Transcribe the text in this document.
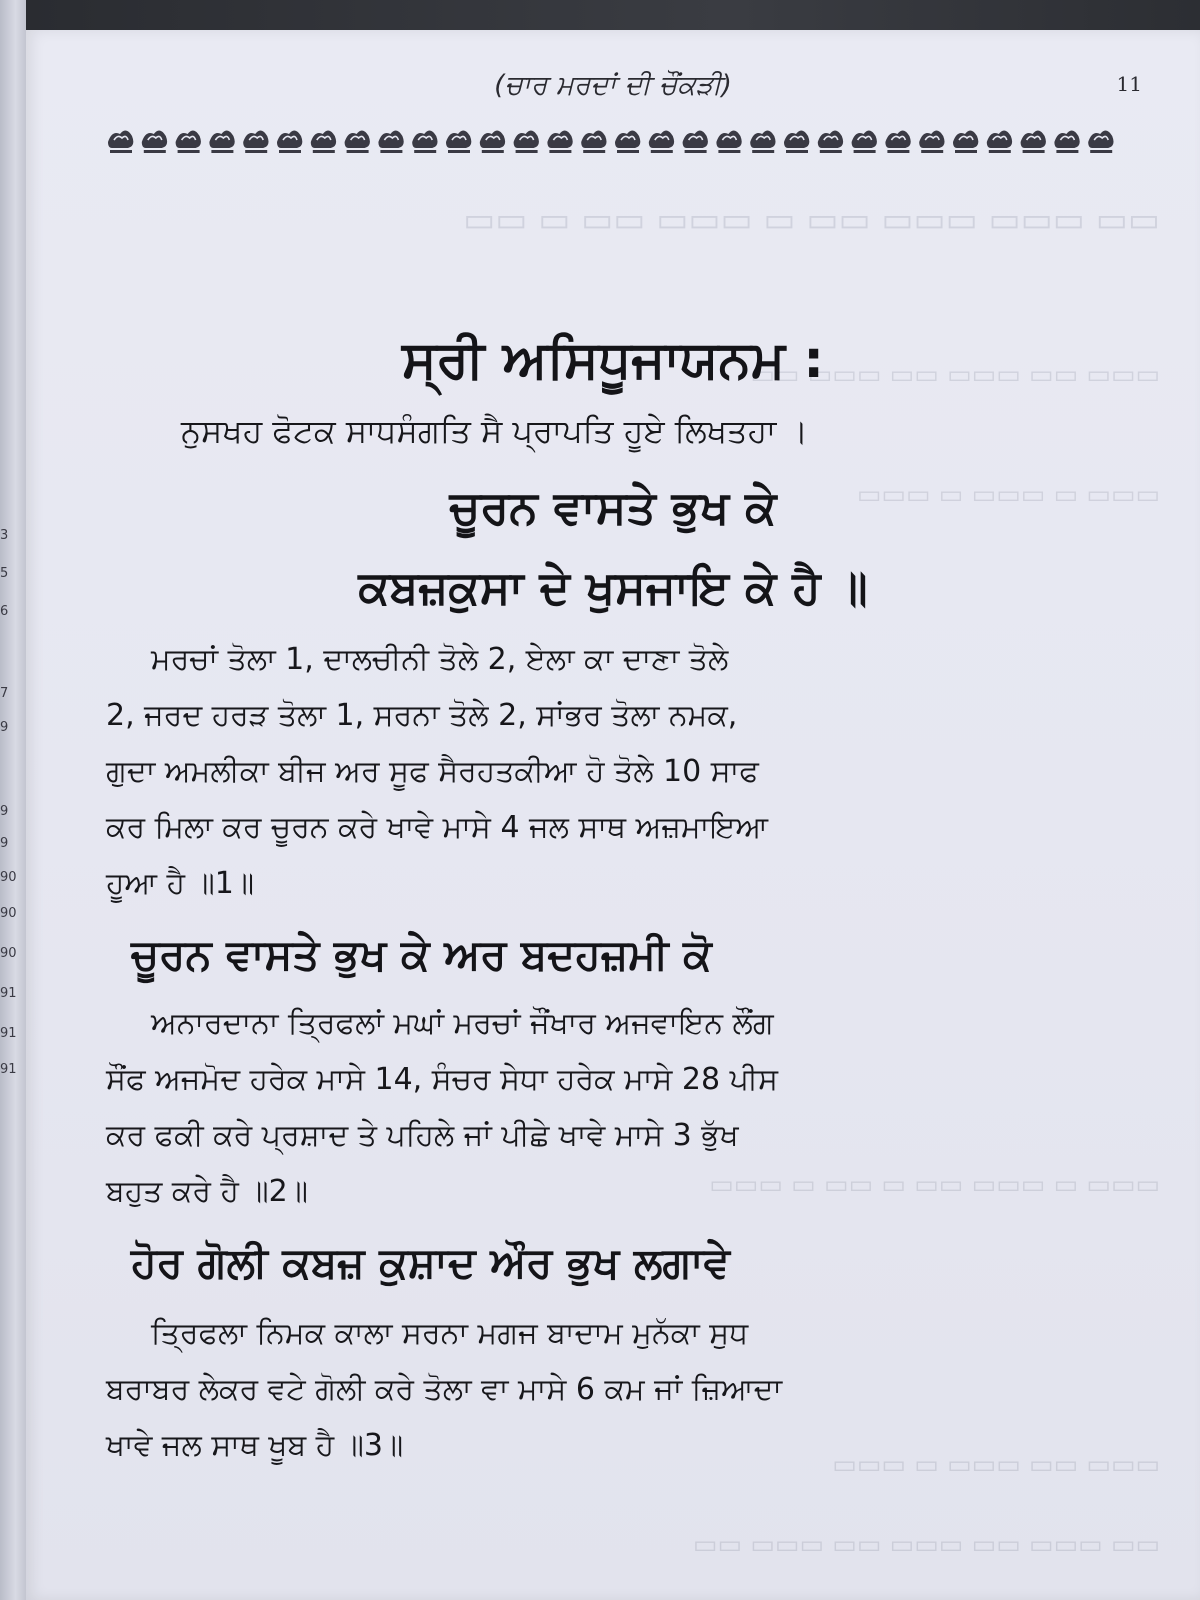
3
5
6
7
9
9
9
90
90
90
91
91
91
▭▭ ▭ ▭▭ ▭▭▭ ▭ ▭▭ ▭▭▭ ▭▭▭ ▭▭
▭▭ ▭▭▭ ▭▭ ▭▭▭ ▭▭ ▭▭▭
▭▭▭ ▭ ▭▭▭ ▭ ▭▭▭
▭▭▭ ▭ ▭▭ ▭ ▭▭ ▭▭▭ ▭ ▭▭▭
▭▭▭ ▭ ▭▭▭ ▭▭ ▭▭▭
▭▭ ▭▭▭ ▭▭ ▭▭▭ ▭▭ ▭▭▭ ▭▭
(ਚਾਰ ਮਰਦਾਂ ਦੀ ਚੌਂਕੜੀ)	11
ਸ੍ਰੀ ਅਸਿਧੂਜਾਯਨਮ :
ਨੁਸਖਹ ਫੋਟਕ ਸਾਧਸੰਗਤਿ ਸੈ ਪ੍ਰਾਪਤਿ ਹੂਏ ਲਿਖਤਹਾ ।
ਚੂਰਨ ਵਾਸਤੇ ਭੁਖ ਕੇ
ਕਬਜ਼ਕੁਸਾ ਦੇ ਖੁਸਜਾਇ ਕੇ ਹੈ ॥
ਮਰਚਾਂ ਤੋਲਾ 1, ਦਾਲਚੀਨੀ ਤੋਲੇ 2, ਏਲਾ ਕਾ ਦਾਣਾ ਤੋਲੇ
2, ਜਰਦ ਹਰੜ ਤੋਲਾ 1, ਸਰਨਾ ਤੋਲੇ 2, ਸਾਂਭਰ ਤੋਲਾ ਨਮਕ,
ਗੁਦਾ ਅਮਲੀਕਾ ਬੀਜ ਅਰ ਸੂਫ ਸੈਰਹਤਕੀਆ ਹੋ ਤੋਲੇ 10 ਸਾਫ
ਕਰ ਮਿਲਾ ਕਰ ਚੂਰਨ ਕਰੇ ਖਾਵੇ ਮਾਸੇ 4 ਜਲ ਸਾਥ ਅਜ਼ਮਾਇਆ
ਹੂਆ ਹੈ ॥1॥
ਚੂਰਨ ਵਾਸਤੇ ਭੁਖ ਕੇ ਅਰ ਬਦਹਜ਼ਮੀ ਕੋ
ਅਨਾਰਦਾਨਾ ਤ੍ਰਿਫਲਾਂ ਮਘਾਂ ਮਰਚਾਂ ਜੌਂਖਾਰ ਅਜਵਾਇਨ ਲੌਂਗ
ਸੌਂਫ ਅਜਮੋਦ ਹਰੇਕ ਮਾਸੇ 14, ਸੰਚਰ ਸੇਧਾ ਹਰੇਕ ਮਾਸੇ 28 ਪੀਸ
ਕਰ ਫਕੀ ਕਰੇ ਪ੍ਰਸ਼ਾਦ ਤੇ ਪਹਿਲੇ ਜਾਂ ਪੀਛੇ ਖਾਵੇ ਮਾਸੇ 3 ਭੁੱਖ
ਬਹੁਤ ਕਰੇ ਹੈ ॥2॥
ਹੋਰ ਗੋਲੀ ਕਬਜ਼ ਕੁਸ਼ਾਦ ਔਰ ਭੁਖ ਲਗਾਵੇ
ਤ੍ਰਿਫਲਾ ਨਿਮਕ ਕਾਲਾ ਸਰਨਾ ਮਗਜ ਬਾਦਾਮ ਮੁਨੱਕਾ ਸੁਧ
ਬਰਾਬਰ ਲੇਕਰ ਵਟੇ ਗੋਲੀ ਕਰੇ ਤੋਲਾ ਵਾ ਮਾਸੇ 6 ਕਮ ਜਾਂ ਜ਼ਿਆਦਾ
ਖਾਵੇ ਜਲ ਸਾਥ ਖੂਬ ਹੈ ॥3॥
